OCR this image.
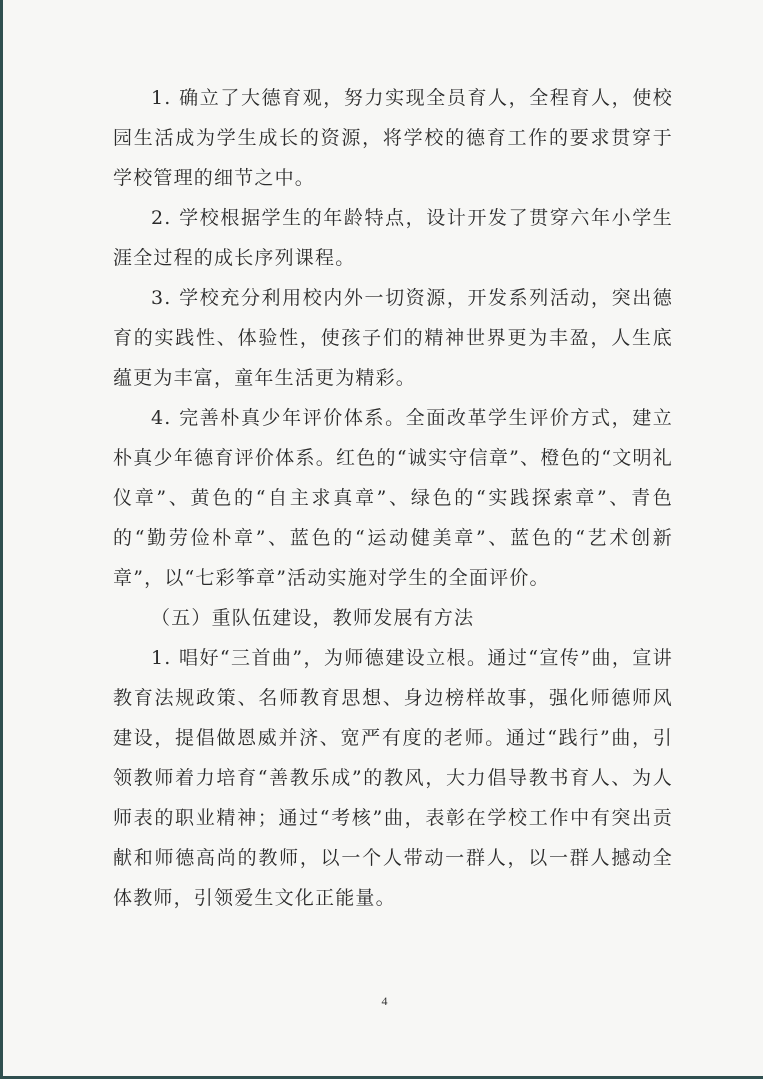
1. 确立了大德育观，努力实现全员育人，全程育人，使校园生活成为学生成长的资源，将学校的德育工作的要求贯穿于学校管理的细节之中。

2. 学校根据学生的年龄特点，设计开发了贯穿六年小学生涯全过程的成长序列课程。

3. 学校充分利用校内外一切资源，开发系列活动，突出德育的实践性、体验性，使孩子们的精神世界更为丰盈，人生底蕴更为丰富，童年生活更为精彩。

4. 完善朴真少年评价体系。全面改革学生评价方式，建立朴真少年德育评价体系。红色的“诚实守信章”、橙色的“文明礼仪章”、黄色的“自主求真章”、绿色的“实践探索章”、青色的“勤劳俭朴章”、蓝色的“运动健美章”、蓝色的“艺术创新章”，以“七彩筝章”活动实施对学生的全面评价。

（五）重队伍建设，教师发展有方法

1. 唱好“三首曲”，为师德建设立根。通过“宣传”曲，宣讲教育法规政策、名师教育思想、身边榜样故事，强化师德师风建设，提倡做恩威并济、宽严有度的老师。通过“践行”曲，引领教师着力培育“善教乐成”的教风，大力倡导教书育人、为人师表的职业精神；通过“考核”曲，表彰在学校工作中有突出贡献和师德高尚的教师，以一个人带动一群人，以一群人撼动全体教师，引领爱生文化正能量。

4
